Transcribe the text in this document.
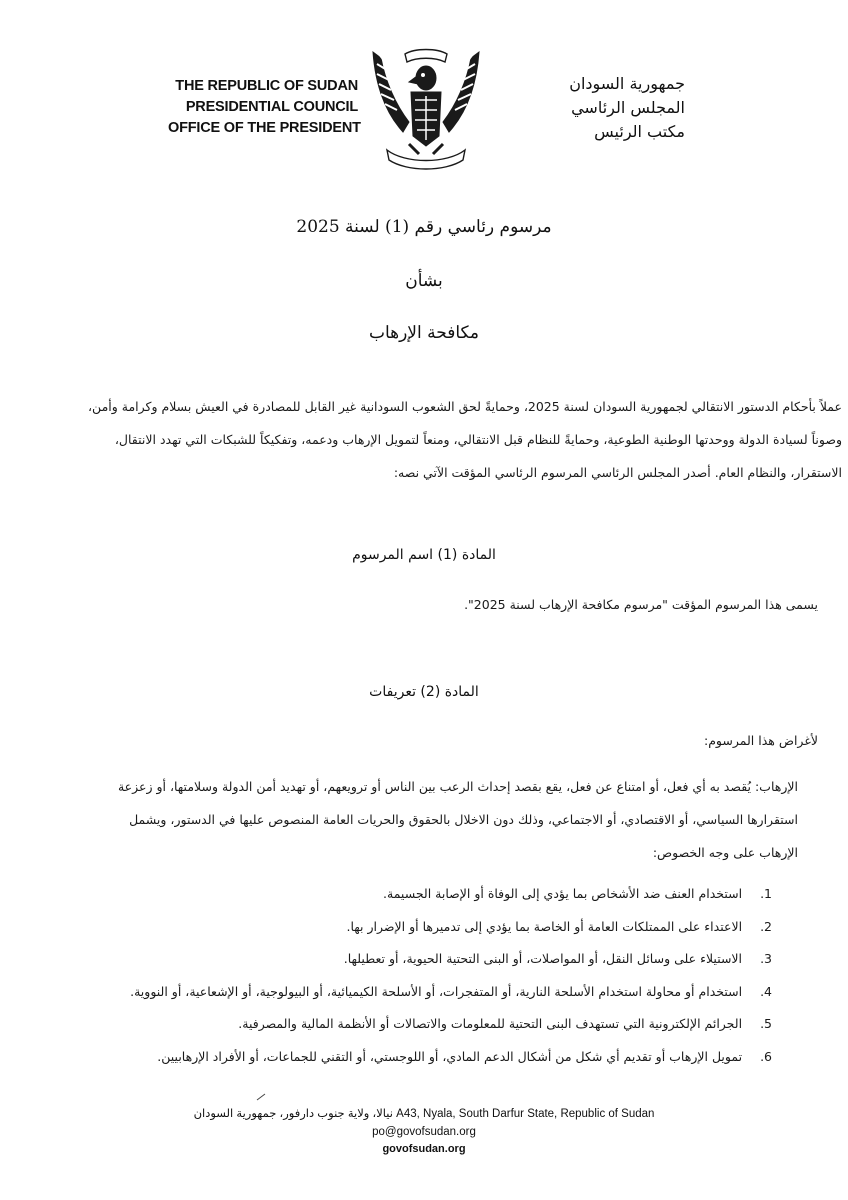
THE REPUBLIC OF SUDAN
PRESIDENTIAL COUNCIL
OFFICE OF THE PRESIDENT
جمهورية السودان
المجلس الرئاسي
مكتب الرئيس
مرسوم رئاسي رقم (1) لسنة 2025
بشأن
مكافحة الإرهاب
عملاً بأحكام الدستور الانتقالي لجمهورية السودان لسنة 2025، وحمايةً لحق الشعوب السودانية غير القابل للمصادرة في العيش بسلام وكرامة وأمن،
وصوناً لسيادة الدولة ووحدتها الوطنية الطوعية، وحمايةً للنظام قبل الانتقالي، ومنعاً لتمويل الإرهاب ودعمه، وتفكيكاً للشبكات التي تهدد الانتقال،
الاستقرار، والنظام العام. أصدر المجلس الرئاسي المرسوم الرئاسي المؤقت الآتي نصه:
المادة (1) اسم المرسوم
يسمى هذا المرسوم المؤقت "مرسوم مكافحة الإرهاب لسنة 2025".
المادة (2) تعريفات
لأغراض هذا المرسوم:
الإرهاب: يُقصد به أي فعل، أو امتناع عن فعل، يقع بقصد إحداث الرعب بين الناس أو ترويعهم، أو تهديد أمن الدولة وسلامتها، أو زعزعة
استقرارها السياسي، أو الاقتصادي، أو الاجتماعي، وذلك دون الاخلال بالحقوق والحريات العامة المنصوص عليها في الدستور، ويشمل
الإرهاب على وجه الخصوص:
1.  استخدام العنف ضد الأشخاص بما يؤدي إلى الوفاة أو الإصابة الجسيمة.
2.  الاعتداء على الممتلكات العامة أو الخاصة بما يؤدي إلى تدميرها أو الإضرار بها.
3.  الاستيلاء على وسائل النقل، أو المواصلات، أو البنى التحتية الحيوية، أو تعطيلها.
4.  استخدام أو محاولة استخدام الأسلحة النارية، أو المتفجرات، أو الأسلحة الكيميائية، أو البيولوجية، أو الإشعاعية، أو النووية.
5.  الجرائم الإلكترونية التي تستهدف البنى التحتية للمعلومات والاتصالات أو الأنظمة المالية والمصرفية.
6.  تمويل الإرهاب أو تقديم أي شكل من أشكال الدعم المادي، أو اللوجستي، أو التقني للجماعات، أو الأفراد الإرهابيين.
نيالا، ولاية جنوب دارفور، جمهورية السودان A43, Nyala, South Darfur State, Republic of Sudan
po@govofsudan.org
govofsudan.org
